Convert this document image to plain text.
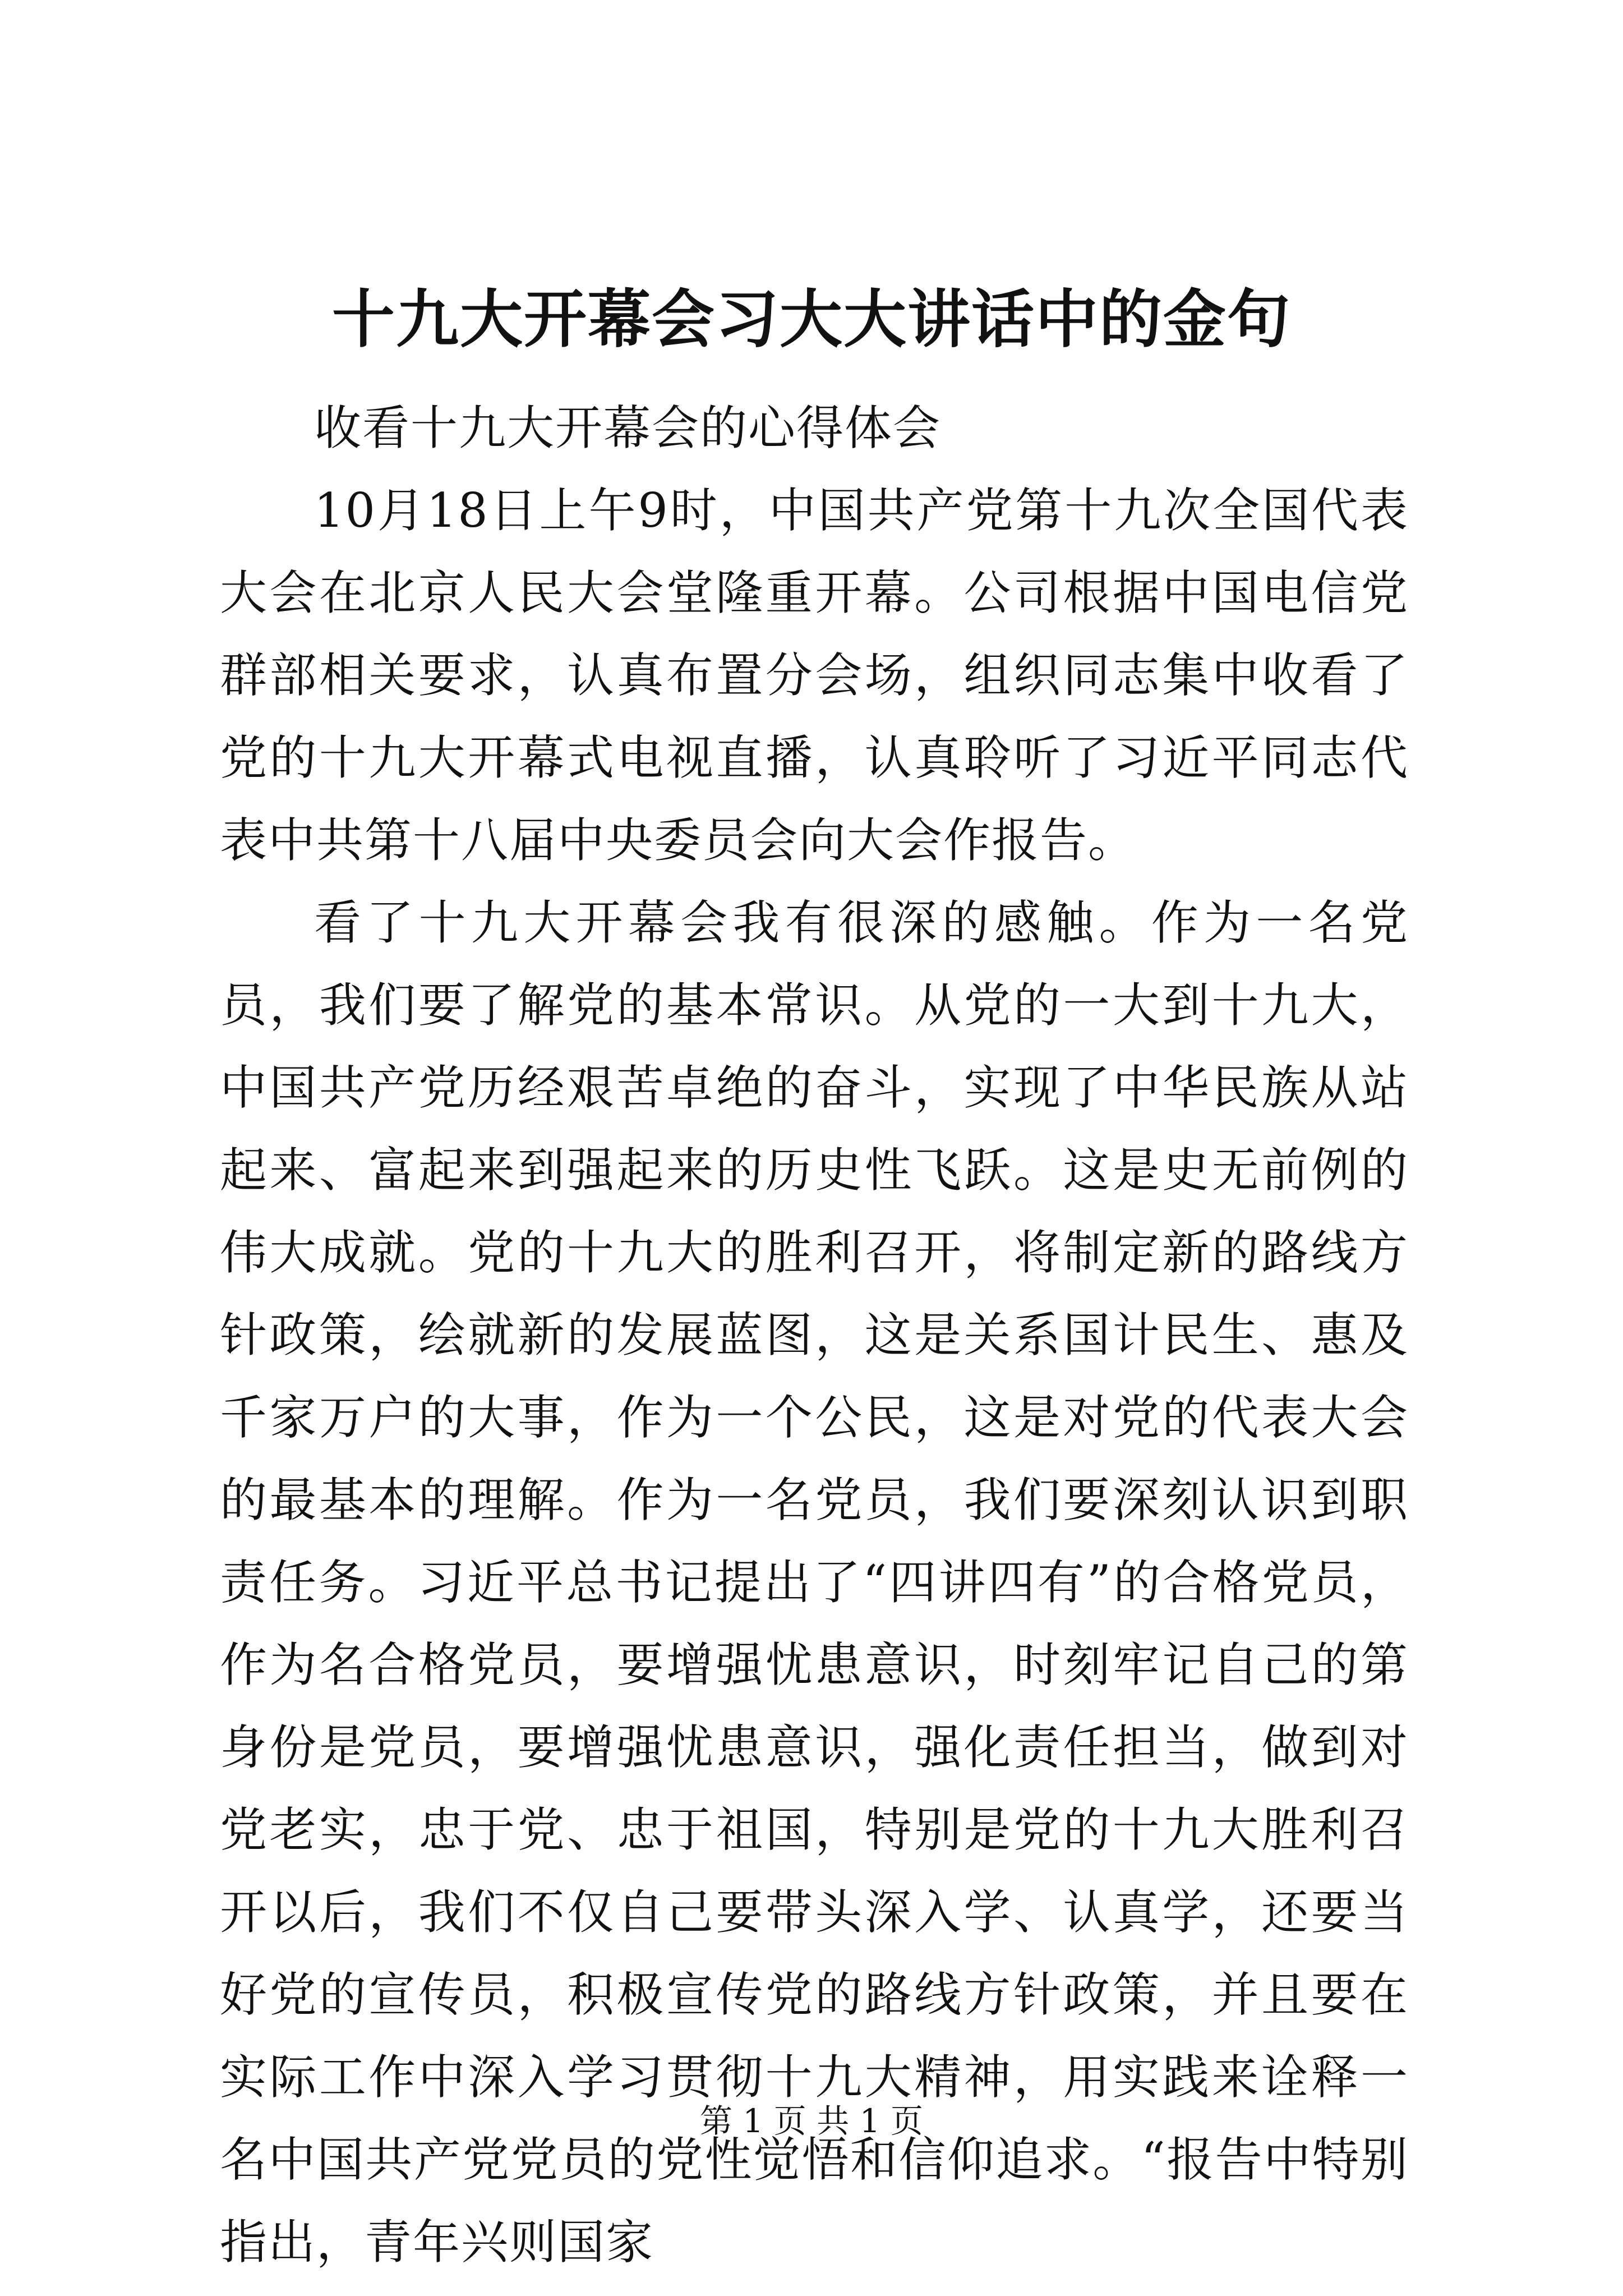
十九大开幕会习大大讲话中的金句

收看十九大开幕会的心得体会

10月18日上午9时，中国共产党第十九次全国代表大会在北京人民大会堂隆重开幕。公司根据中国电信党群部相关要求，认真布置分会场，组织同志集中收看了党的十九大开幕式电视直播，认真聆听了习近平同志代表中共第十八届中央委员会向大会作报告。

看了十九大开幕会我有很深的感触。作为一名党员，我们要了解党的基本常识。从党的一大到十九大，中国共产党历经艰苦卓绝的奋斗，实现了中华民族从站起来、富起来到强起来的历史性飞跃。这是史无前例的伟大成就。党的十九大的胜利召开，将制定新的路线方针政策，绘就新的发展蓝图，这是关系国计民生、惠及千家万户的大事，作为一个公民，这是对党的代表大会的最基本的理解。作为一名党员，我们要深刻认识到职责任务。习近平总书记提出了“四讲四有”的合格党员，作为名合格党员，要增强忧患意识，时刻牢记自己的第身份是党员，要增强忧患意识，强化责任担当，做到对党老实，忠于党、忠于祖国，特别是党的十九大胜利召开以后，我们不仅自己要带头深入学、认真学，还要当好党的宣传员，积极宣传党的路线方针政策，并且要在实际工作中深入学习贯彻十九大精神，用实践来诠释一名中国共产党党员的党性觉悟和信仰追求。“报告中特别指出，青年兴则国家

第 1 页 共 1 页
